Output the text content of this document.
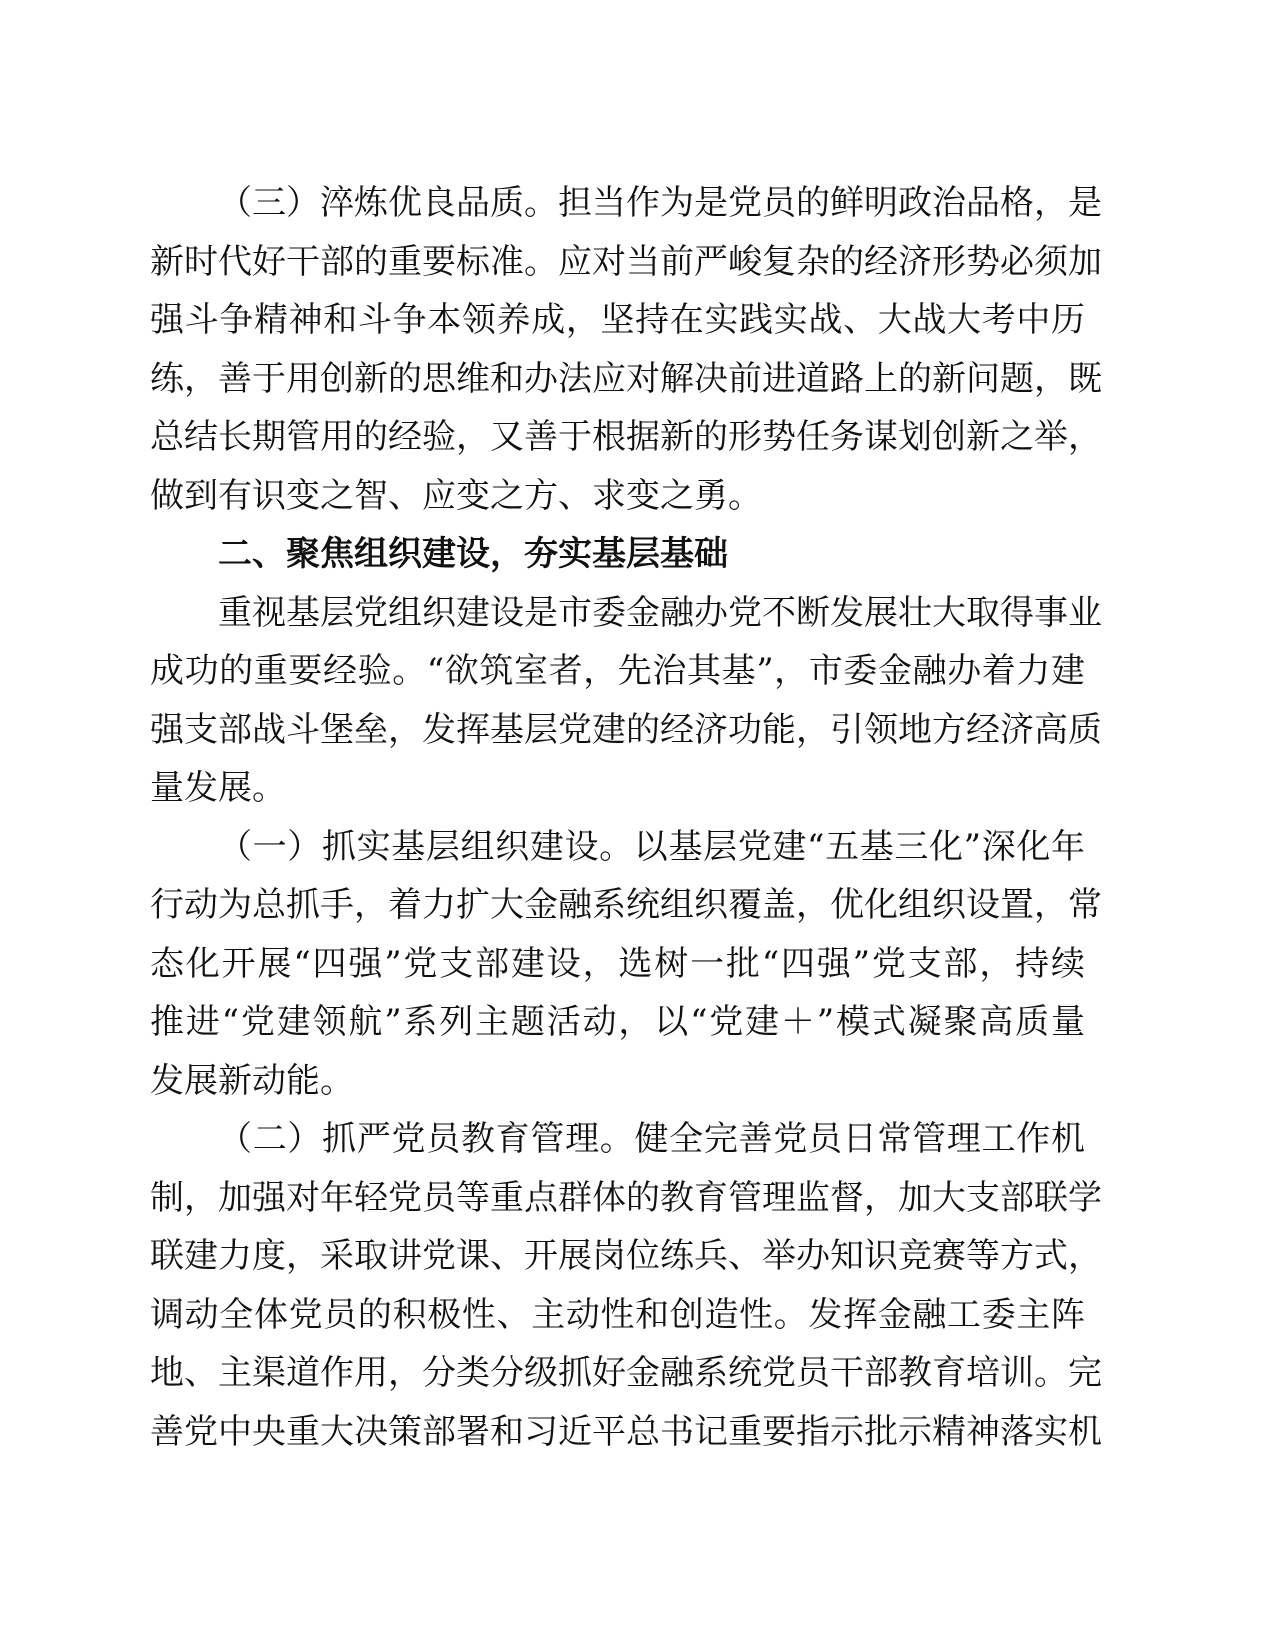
（三）淬炼优良品质。担当作为是党员的鲜明政治品格，是
新时代好干部的重要标准。应对当前严峻复杂的经济形势必须加
强斗争精神和斗争本领养成，坚持在实践实战、大战大考中历
练，善于用创新的思维和办法应对解决前进道路上的新问题，既
总结长期管用的经验，又善于根据新的形势任务谋划创新之举，
做到有识变之智、应变之方、求变之勇。
二、聚焦组织建设，夯实基层基础
重视基层党组织建设是市委金融办党不断发展壮大取得事业
成功的重要经验。“欲筑室者，先治其基”，市委金融办着力建
强支部战斗堡垒，发挥基层党建的经济功能，引领地方经济高质
量发展。
（一）抓实基层组织建设。以基层党建“五基三化”深化年
行动为总抓手，着力扩大金融系统组织覆盖，优化组织设置，常
态化开展“四强”党支部建设，选树一批“四强”党支部，持续
推进“党建领航”系列主题活动，以“党建＋”模式凝聚高质量
发展新动能。
（二）抓严党员教育管理。健全完善党员日常管理工作机
制，加强对年轻党员等重点群体的教育管理监督，加大支部联学
联建力度，采取讲党课、开展岗位练兵、举办知识竞赛等方式，
调动全体党员的积极性、主动性和创造性。发挥金融工委主阵
地、主渠道作用，分类分级抓好金融系统党员干部教育培训。完
善党中央重大决策部署和习近平总书记重要指示批示精神落实机
